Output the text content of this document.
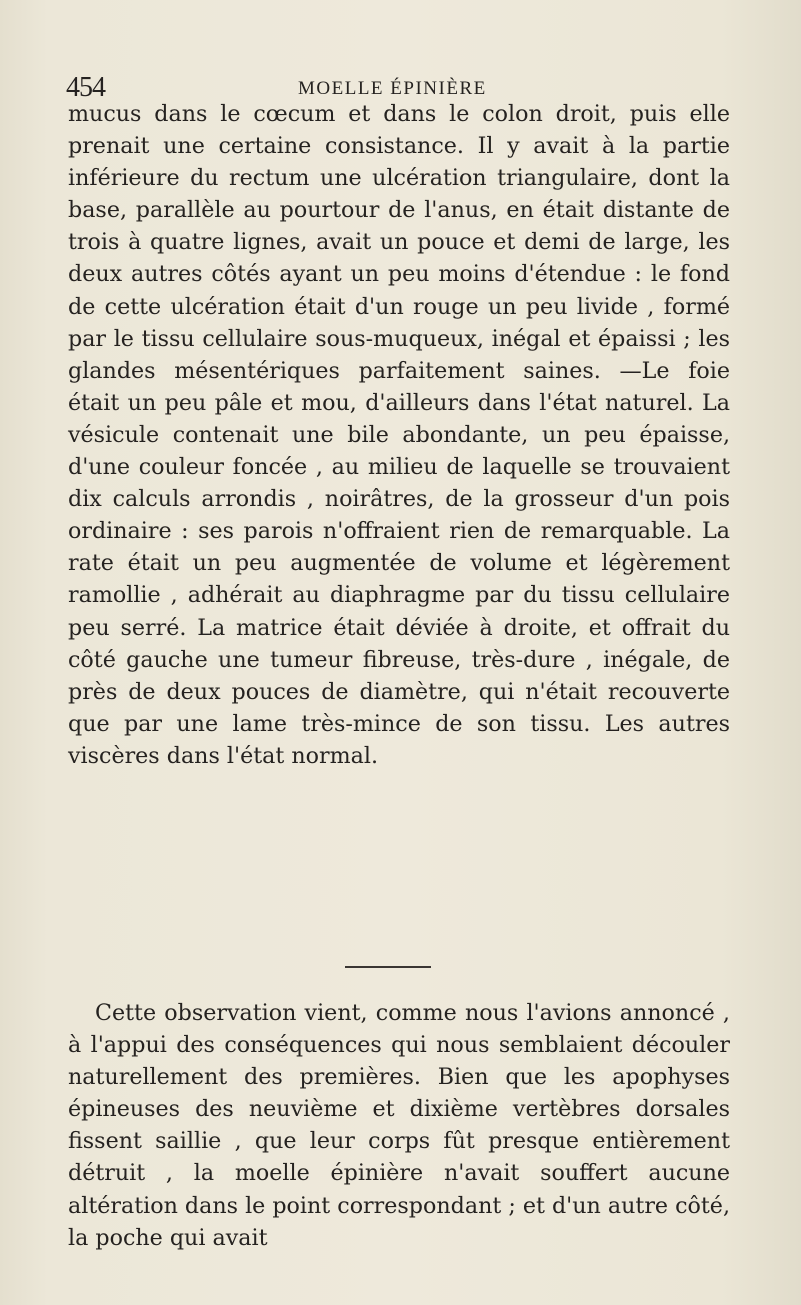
454	MOELLE ÉPINIÈRE
mucus dans le cœcum et dans le colon droit, puis elle prenait une certaine consistance. Il y avait à la partie inférieure du rectum une ulcération triangulaire, dont la base, parallèle au pourtour de l'anus, en était distante de trois à quatre lignes, avait un pouce et demi de large, les deux autres côtés ayant un peu moins d'étendue : le fond de cette ulcération était d'un rouge un peu livide , formé par le tissu cellulaire sous-muqueux, inégal et épaissi ; les glandes mésentériques parfaitement saines. —Le foie était un peu pâle et mou, d'ailleurs dans l'état naturel. La vésicule contenait une bile abondante, un peu épaisse, d'une couleur foncée , au milieu de laquelle se trouvaient dix calculs arrondis , noirâtres, de la grosseur d'un pois ordinaire : ses parois n'offraient rien de remarquable. La rate était un peu augmentée de volume et légèrement ramollie , adhérait au diaphragme par du tissu cellulaire peu serré. La matrice était déviée à droite, et offrait du côté gauche une tumeur fibreuse, très-dure , inégale, de près de deux pouces de diamètre, qui n'était recouverte que par une lame très-mince de son tissu. Les autres viscères dans l'état normal.
Cette observation vient, comme nous l'avions annoncé , à l'appui des conséquences qui nous semblaient découler naturellement des premières. Bien que les apophyses épineuses des neuvième et dixième vertèbres dorsales fissent saillie , que leur corps fût presque entièrement détruit , la moelle épinière n'avait souffert aucune altération dans le point correspondant ; et d'un autre côté, la poche qui avait
